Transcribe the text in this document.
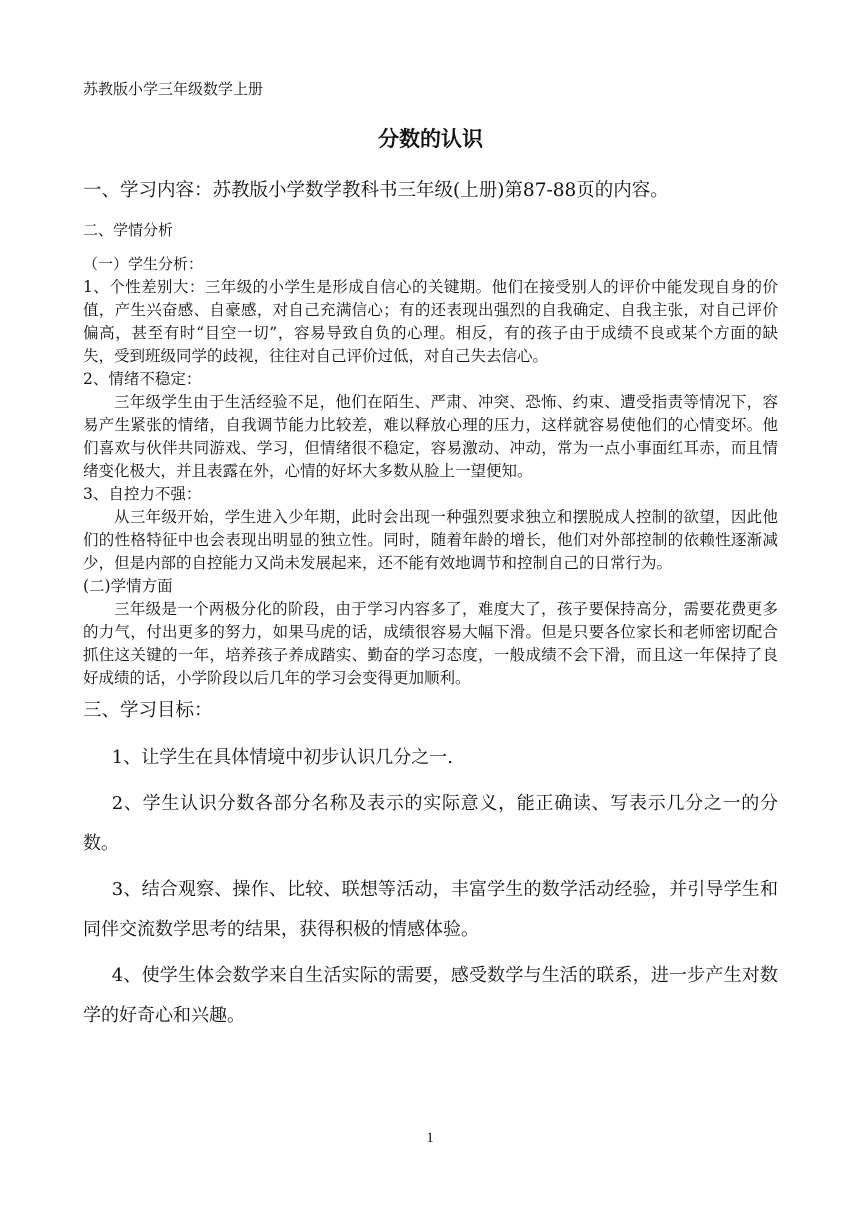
苏教版小学三年级数学上册

分数的认识

一、学习内容：苏教版小学数学教科书三年级(上册)第87-88页的内容。

二、学情分析

（一）学生分析：

1、个性差别大：三年级的小学生是形成自信心的关键期。他们在接受别人的评价中能发现自身的价值，产生兴奋感、自豪感，对自己充满信心；有的还表现出强烈的自我确定、自我主张，对自己评价偏高，甚至有时“目空一切”，容易导致自负的心理。相反，有的孩子由于成绩不良或某个方面的缺失，受到班级同学的歧视，往往对自己评价过低，对自己失去信心。

2、情绪不稳定：

三年级学生由于生活经验不足，他们在陌生、严肃、冲突、恐怖、约束、遭受指责等情况下，容易产生紧张的情绪，自我调节能力比较差，难以释放心理的压力，这样就容易使他们的心情变坏。他们喜欢与伙伴共同游戏、学习，但情绪很不稳定，容易激动、冲动，常为一点小事面红耳赤，而且情绪变化极大，并且表露在外，心情的好坏大多数从脸上一望便知。

3、自控力不强：

从三年级开始，学生进入少年期，此时会出现一种强烈要求独立和摆脱成人控制的欲望，因此他们的性格特征中也会表现出明显的独立性。同时，随着年龄的增长，他们对外部控制的依赖性逐渐减少，但是内部的自控能力又尚未发展起来，还不能有效地调节和控制自己的日常行为。

(二)学情方面

三年级是一个两极分化的阶段，由于学习内容多了，难度大了，孩子要保持高分，需要花费更多的力气，付出更多的努力，如果马虎的话，成绩很容易大幅下滑。但是只要各位家长和老师密切配合抓住这关键的一年，培养孩子养成踏实、勤奋的学习态度，一般成绩不会下滑，而且这一年保持了良好成绩的话，小学阶段以后几年的学习会变得更加顺利。

三、学习目标：

1、让学生在具体情境中初步认识几分之一.

2、学生认识分数各部分名称及表示的实际意义，能正确读、写表示几分之一的分数。

3、结合观察、操作、比较、联想等活动，丰富学生的数学活动经验，并引导学生和同伴交流数学思考的结果，获得积极的情感体验。

4、使学生体会数学来自生活实际的需要，感受数学与生活的联系，进一步产生对数学的好奇心和兴趣。

1
